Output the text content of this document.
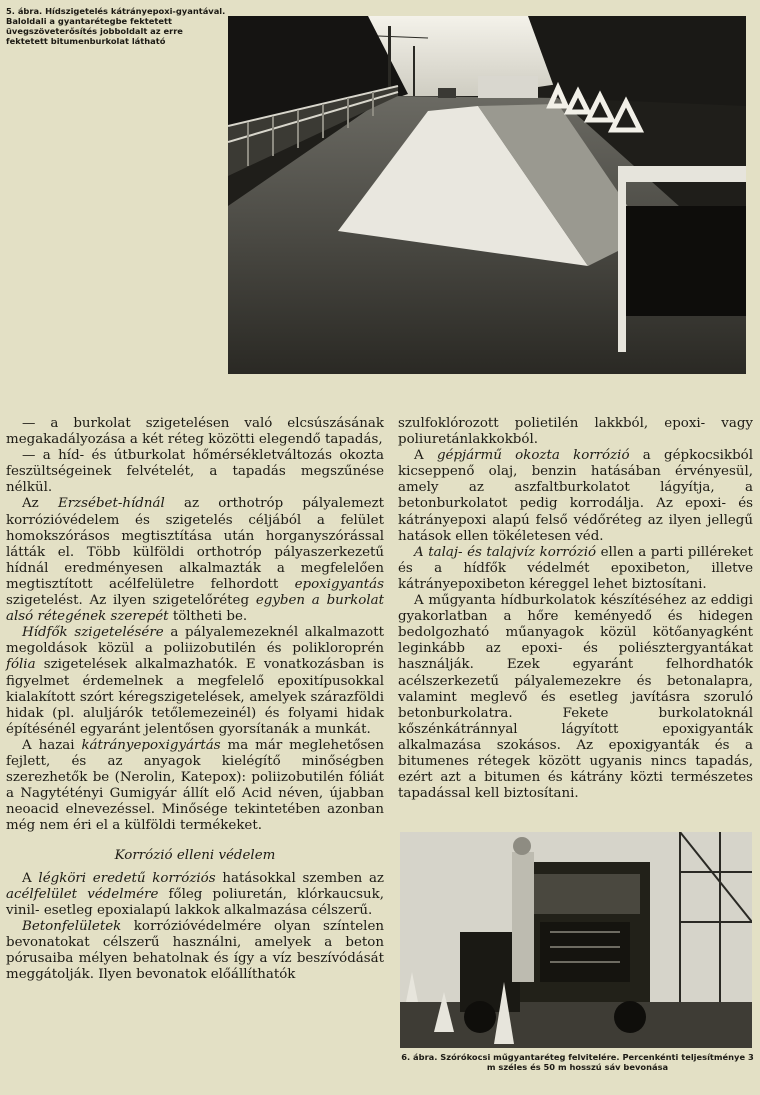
5. ábra. Hídszigetelés kátrányepoxi-gyantával. Baloldali a gyantarétegbe fektetett üvegszöveterősítés jobboldalt az erre fektetett bitumenburkolat látható

— a burkolat szigetelésen való elcsúszásának megakadályozása a két réteg közötti elegendő tapadás,

— a híd- és útburkolat hőmérsékletváltozás okozta feszültségeinek felvételét, a tapadás megszűnése nélkül.

Az Erzsébet-hídnál az orthotróp pályalemezt korrózióvédelem és szigetelés céljából a felület homokszórásos megtisztítása után horganyszórással látták el. Több külföldi orthotróp pályaszerkezetű hídnál eredményesen alkalmazták a megfelelően megtisztított acélfelületre felhordott epoxigyantás szigetelést. Az ilyen szigetelőréteg egyben a burkolat alsó rétegének szerepét töltheti be.

Hídfők szigetelésére a pályalemezeknél alkalmazott megoldások közül a poliizobutilén és polikloroprén fólia szigetelések alkalmazhatók. E vonatkozásban is figyelmet érdemelnek a megfelelő epoxitípusokkal kialakított szórt kéregszigetelések, amelyek szárazföldi hidak (pl. aluljárók tetőlemezeinél) és folyami hidak építésénél egyaránt jelentősen gyorsítanák a munkát.

A hazai kátrányepoxigyártás ma már meglehetősen fejlett, és az anyagok kielégítő minőségben szerezhetők be (Nerolin, Katepox): poliizobutilén fóliát a Nagytétényi Gumigyár állít elő Acid néven, újabban neoacid elnevezéssel. Minősége tekintetében azonban még nem éri el a külföldi termékeket.

Korrózió elleni védelem

A légköri eredetű korróziós hatásokkal szemben az acélfelület védelmére főleg poliuretán, klórkaucsuk, vinil- esetleg epoxialapú lakkok alkalmazása célszerű.

Betonfelületek korrózióvédelmére olyan színtelen bevonatokat célszerű használni, amelyek a beton pórusaiba mélyen behatolnak és így a víz beszívódását meggátolják. Ilyen bevonatok előállíthatók

szulfoklórozott polietilén lakkból, epoxi- vagy poliuretánlakkokból.

A gépjármű okozta korrózió a gépkocsikból kicseppenő olaj, benzin hatásában érvényesül, amely az aszfaltburkolatot lágyítja, a betonburkolatot pedig korrodálja. Az epoxi- és kátrányepoxi alapú felső védőréteg az ilyen jellegű hatások ellen tökéletesen véd.

A talaj- és talajvíz korrózió ellen a parti pilléreket és a hídfők védelmét epoxibeton, illetve kátrányepoxibeton kéreggel lehet biztosítani.

A műgyanta hídburkolatok készítéséhez az eddigi gyakorlatban a hőre keményedő és hidegen bedolgozható műanyagok közül kötőanyagként leginkább az epoxi- és poliésztergyantákat használják. Ezek egyaránt felhordhatók acélszerkezetű pályalemezekre és betonalapra, valamint meglevő és esetleg javításra szoruló betonburkolatra. Fekete burkolatoknál kőszénkátránnyal lágyított epoxigyanták alkalmazása szokásos. Az epoxigyanták és a bitumenes rétegek között ugyanis nincs tapadás, ezért azt a bitumen és kátrány közti természetes tapadással kell biztosítani.

6. ábra. Szórókocsi műgyantaréteg felvitelére. Percenkénti teljesítménye 3 m széles és 50 m hosszú sáv bevonása
